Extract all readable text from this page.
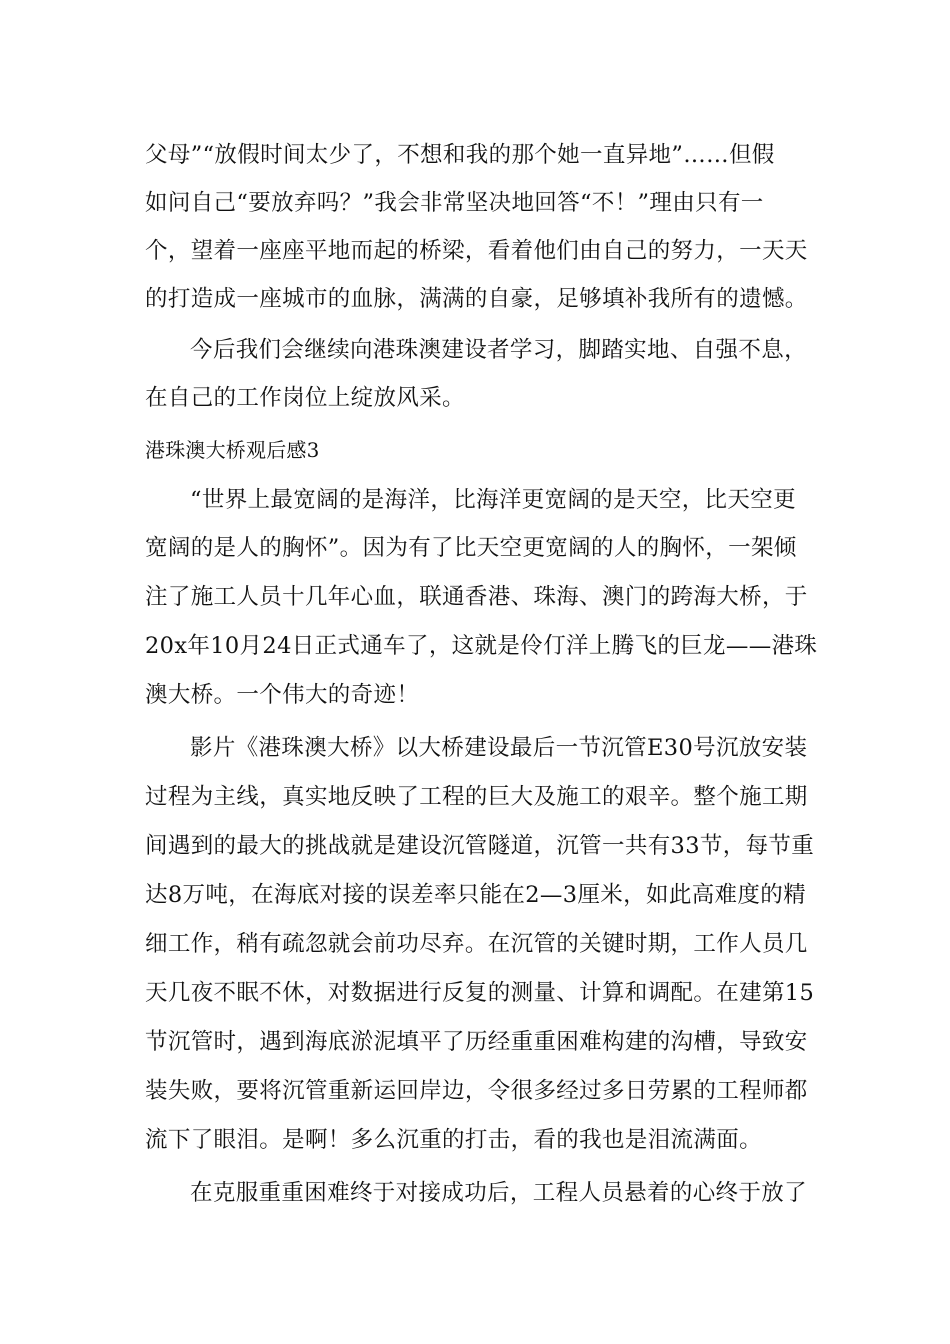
父母”“放假时间太少了，不想和我的那个她一直异地”……但假
如问自己“要放弃吗？”我会非常坚决地回答“不！”理由只有一
个，望着一座座平地而起的桥梁，看着他们由自己的努力，一天天
的打造成一座城市的血脉，满满的自豪，足够填补我所有的遗憾。
今后我们会继续向港珠澳建设者学习，脚踏实地、自强不息，
在自己的工作岗位上绽放风采。
港珠澳大桥观后感3
“世界上最宽阔的是海洋，比海洋更宽阔的是天空，比天空更
宽阔的是人的胸怀”。因为有了比天空更宽阔的人的胸怀，一架倾
注了施工人员十几年心血，联通香港、珠海、澳门的跨海大桥，于
20x年10月24日正式通车了，这就是伶仃洋上腾飞的巨龙——港珠
澳大桥。一个伟大的奇迹！
影片《港珠澳大桥》以大桥建设最后一节沉管E30号沉放安装
过程为主线，真实地反映了工程的巨大及施工的艰辛。整个施工期
间遇到的最大的挑战就是建设沉管隧道，沉管一共有33节，每节重
达8万吨，在海底对接的误差率只能在2—3厘米，如此高难度的精
细工作，稍有疏忽就会前功尽弃。在沉管的关键时期，工作人员几
天几夜不眠不休，对数据进行反复的测量、计算和调配。在建第15
节沉管时，遇到海底淤泥填平了历经重重困难构建的沟槽，导致安
装失败，要将沉管重新运回岸边，令很多经过多日劳累的工程师都
流下了眼泪。是啊！多么沉重的打击，看的我也是泪流满面。
在克服重重困难终于对接成功后，工程人员悬着的心终于放了
